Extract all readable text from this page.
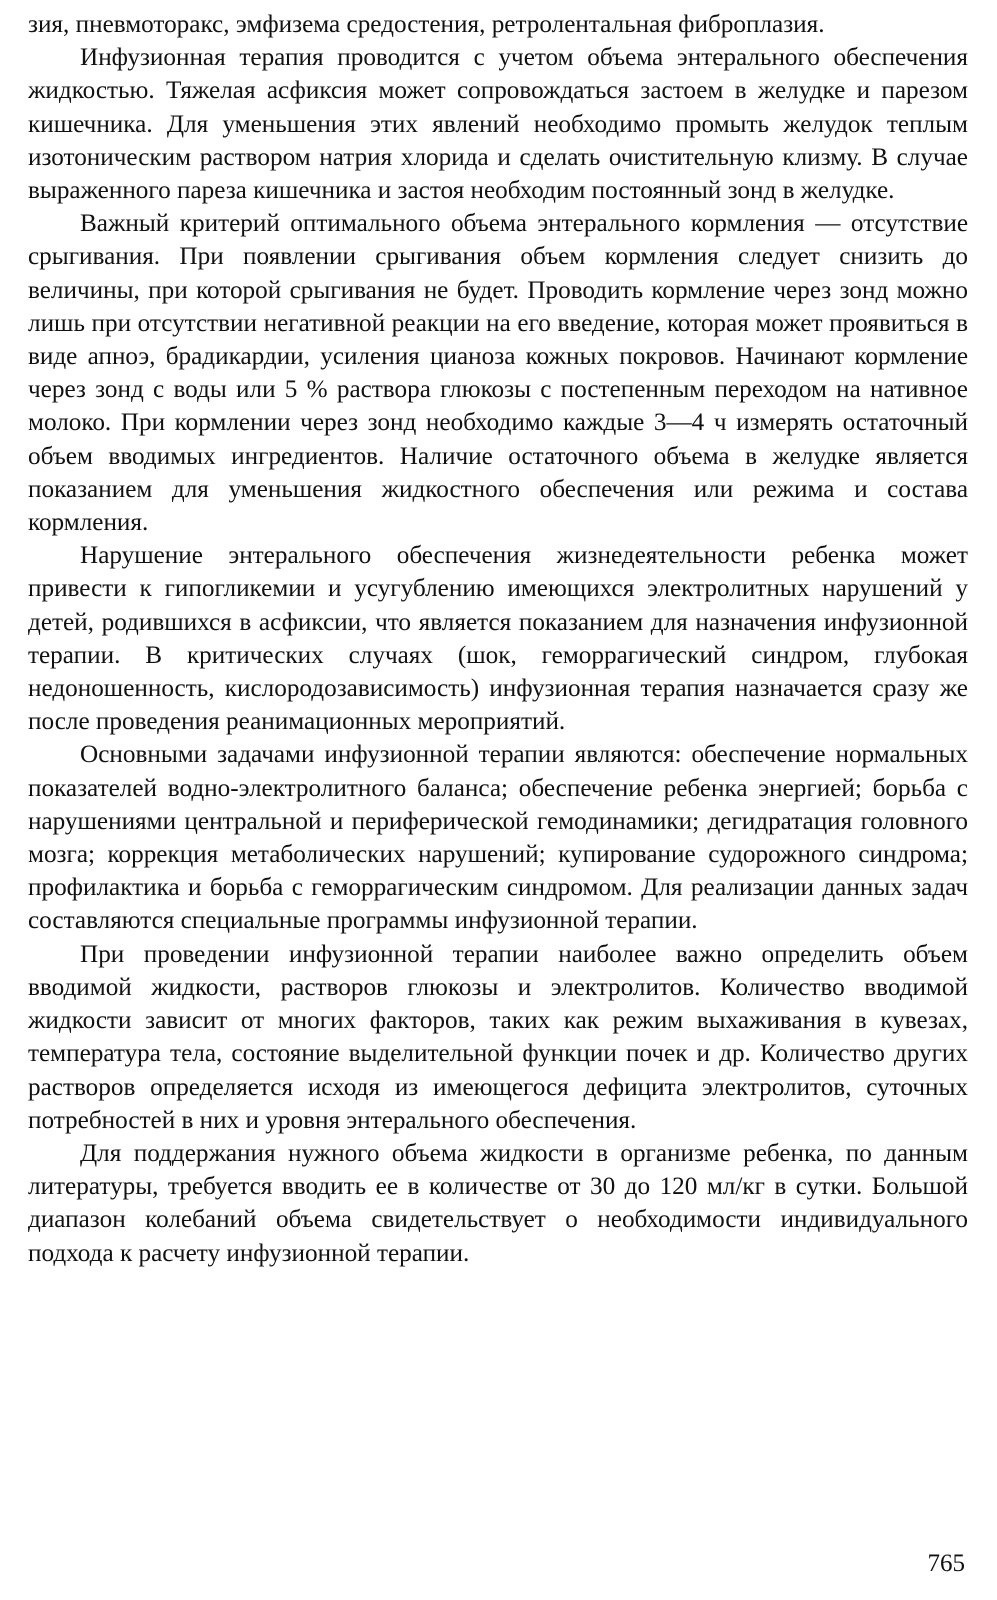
зия, пневмоторакс, эмфизема средостения, ретролентальная фиброплазия.

Инфузионная терапия проводится с учетом объема энтерального обеспечения жидкостью. Тяжелая асфиксия может сопровождаться застоем в желудке и парезом кишечника. Для уменьшения этих явлений необходимо промыть желудок теплым изотоническим раствором натрия хлорида и сделать очистительную клизму. В случае выраженного пареза кишечника и застоя необходим постоянный зонд в желудке.

Важный критерий оптимального объема энтерального кормления — отсутствие срыгивания. При появлении срыгивания объем кормления следует снизить до величины, при которой срыгивания не будет. Проводить кормление через зонд можно лишь при отсутствии негативной реакции на его введение, которая может проявиться в виде апноэ, брадикардии, усиления цианоза кожных покровов. Начинают кормление через зонд с воды или 5 % раствора глюкозы с постепенным переходом на нативное молоко. При кормлении через зонд необходимо каждые 3—4 ч измерять остаточный объем вводимых ингредиентов. Наличие остаточного объема в желудке является показанием для уменьшения жидкостного обеспечения или режима и состава кормления.

Нарушение энтерального обеспечения жизнедеятельности ребенка может привести к гипогликемии и усугублению имеющихся электролитных нарушений у детей, родившихся в асфиксии, что является показанием для назначения инфузионной терапии. В критических случаях (шок, геморрагический синдром, глубокая недоношенность, кислородозависимость) инфузионная терапия назначается сразу же после проведения реанимационных мероприятий.

Основными задачами инфузионной терапии являются: обеспечение нормальных показателей водно-электролитного баланса; обеспечение ребенка энергией; борьба с нарушениями центральной и периферической гемодинамики; дегидратация головного мозга; коррекция метаболических нарушений; купирование судорожного синдрома; профилактика и борьба с геморрагическим синдромом. Для реализации данных задач составляются специальные программы инфузионной терапии.

При проведении инфузионной терапии наиболее важно определить объем вводимой жидкости, растворов глюкозы и электролитов. Количество вводимой жидкости зависит от многих факторов, таких как режим выхаживания в кувезах, температура тела, состояние выделительной функции почек и др. Количество других растворов определяется исходя из имеющегося дефицита электролитов, суточных потребностей в них и уровня энтерального обеспечения.

Для поддержания нужного объема жидкости в организме ребенка, по данным литературы, требуется вводить ее в количестве от 30 до 120 мл/кг в сутки. Большой диапазон колебаний объема свидетельствует о необходимости индивидуального подхода к расчету инфузионной терапии.

765
